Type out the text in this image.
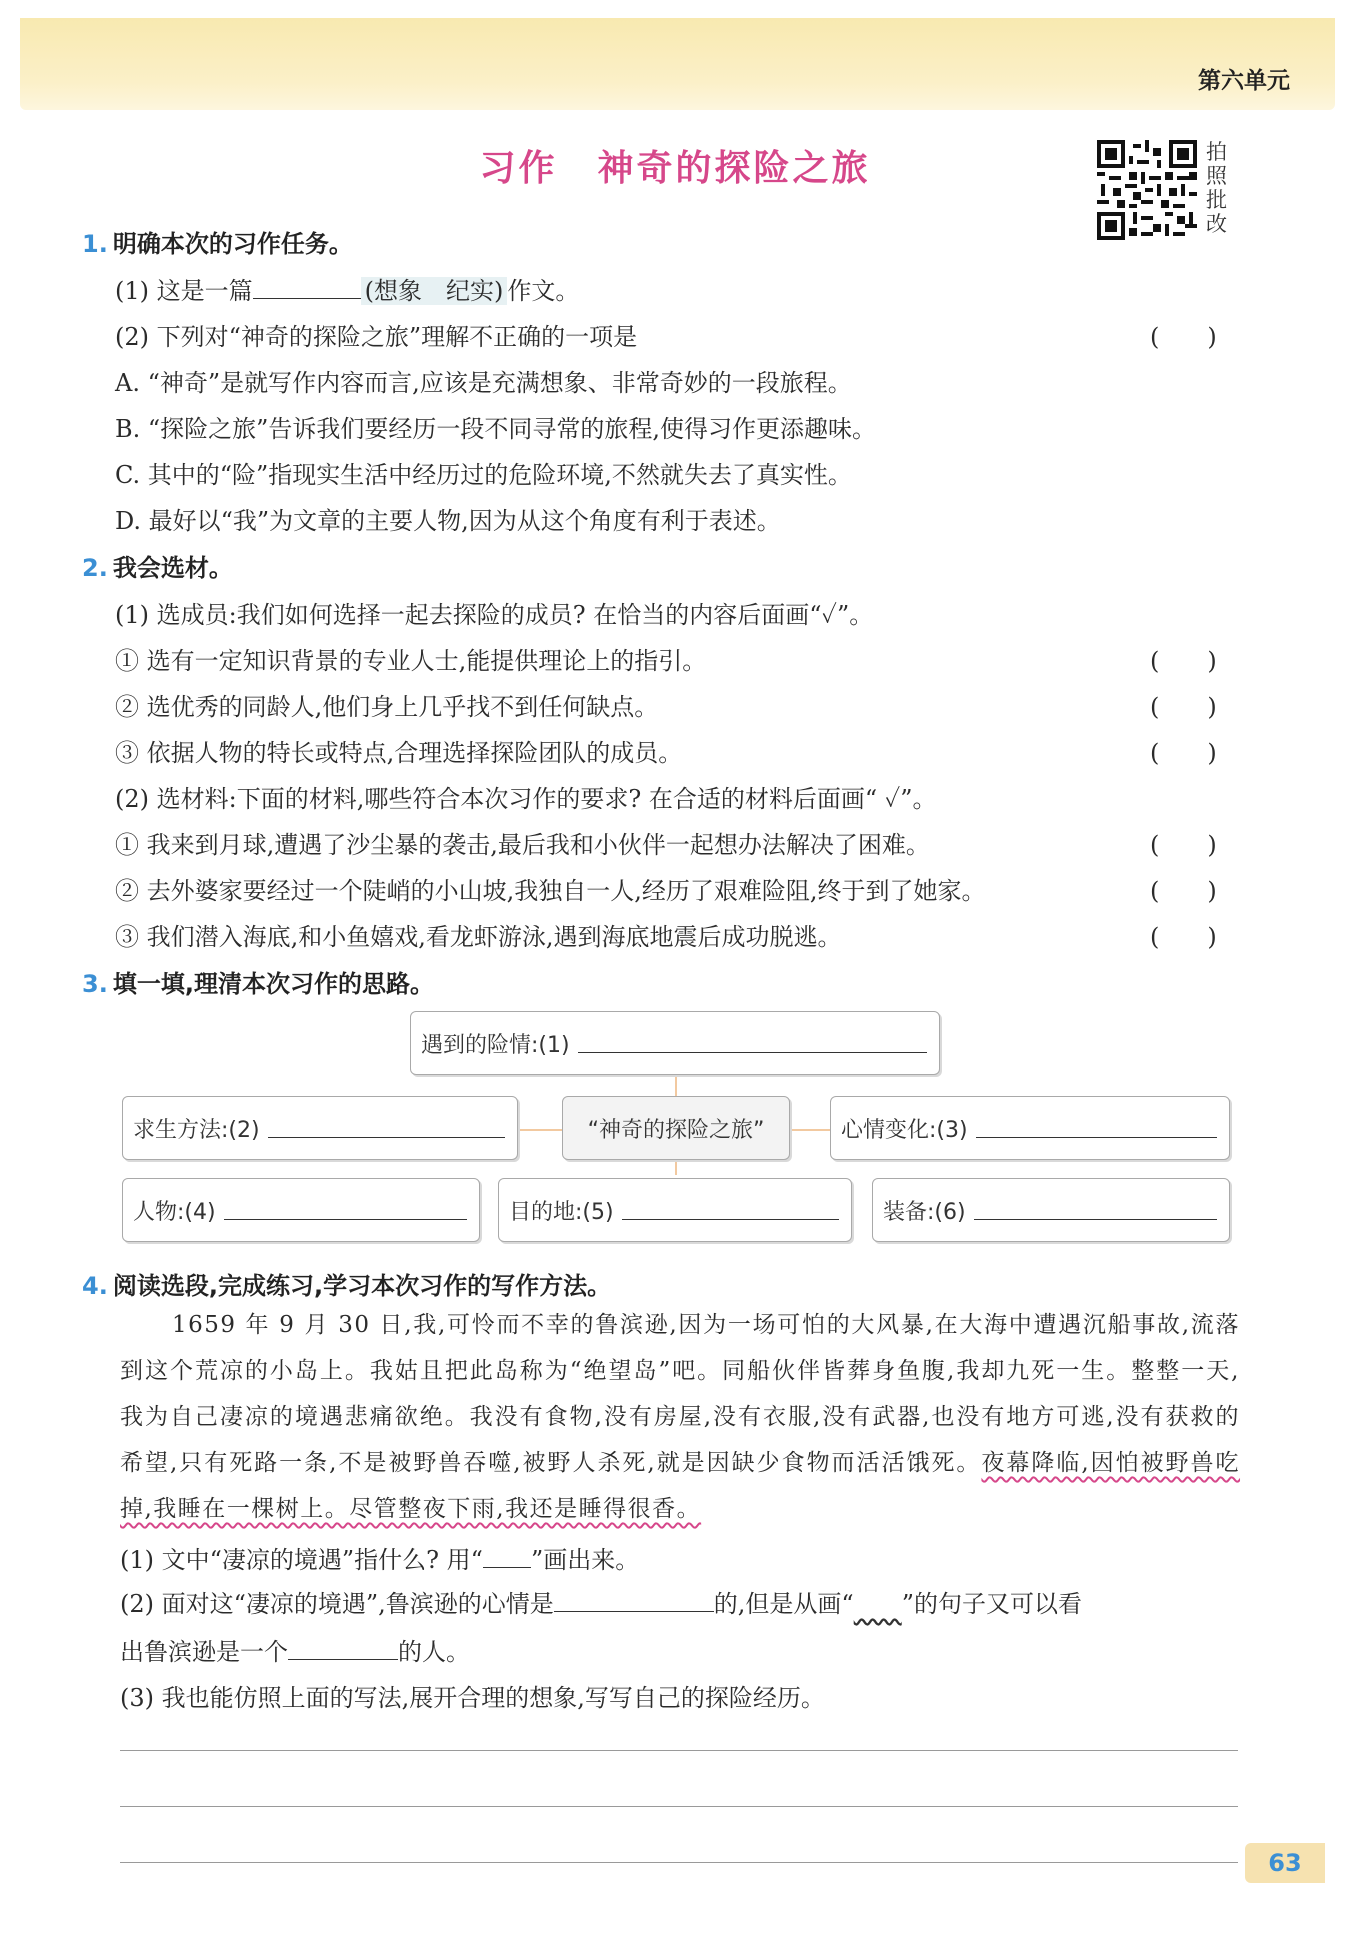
第六单元
习作 神奇的探险之旅	拍
照
批
改
1. 明确本次的习作任务。
(1) 这是一篇	(想象　纪实) 作文。
(2) 下列对“神奇的探险之旅”理解不正确的一项是	(　　)
A. “神奇”是就写作内容而言,应该是充满想象、非常奇妙的一段旅程。
B. “探险之旅”告诉我们要经历一段不同寻常的旅程,使得习作更添趣味。
C. 其中的“险”指现实生活中经历过的危险环境,不然就失去了真实性。
D. 最好以“我”为文章的主要人物,因为从这个角度有利于表述。
2. 我会选材。
(1) 选成员:我们如何选择一起去探险的成员? 在恰当的内容后面画“✓”。
① 选有一定知识背景的专业人士,能提供理论上的指引。	(　　)
② 选优秀的同龄人,他们身上几乎找不到任何缺点。	(　　)
③ 依据人物的特长或特点,合理选择探险团队的成员。	(　　)
(2) 选材料:下面的材料,哪些符合本次习作的要求? 在合适的材料后面画“ ✓”。
① 我来到月球,遭遇了沙尘暴的袭击,最后我和小伙伴一起想办法解决了困难。	(　　)
② 去外婆家要经过一个陡峭的小山坡,我独自一人,经历了艰难险阻,终于到了她家。	(　　)
③ 我们潜入海底,和小鱼嬉戏,看龙虾游泳,遇到海底地震后成功脱逃。	(　　)
3. 填一填,理清本次习作的思路。
遇到的险情:(1)
求生方法:(2)	“神奇的探险之旅”	心情变化:(3)
人物:(4)	目的地:(5)	装备:(6)
4. 阅读选段,完成练习,学习本次习作的写作方法。

1659 年 9 月 30 日,我,可怜而不幸的鲁滨逊,因为一场可怕的大风暴,在大海中遭遇沉船事故,流落到这个荒凉的小岛上。我姑且把此岛称为“绝望岛”吧。同船伙伴皆葬身鱼腹,我却九死一生。整整一天,我为自己凄凉的境遇悲痛欲绝。我没有食物,没有房屋,没有衣服,没有武器,也没有地方可逃,没有获救的希望,只有死路一条,不是被野兽吞噬,被野人杀死,就是因缺少食物而活活饿死。夜幕降临,因怕被野兽吃掉,我睡在一棵树上。尽管整夜下雨,我还是睡得很香。

(1) 文中“凄凉的境遇”指什么? 用“ ”画出来。
(2) 面对这“凄凉的境遇”,鲁滨逊的心情是	的,但是从画“　　 ”的句子又可以看
出鲁滨逊是一个	的人。
(3) 我也能仿照上面的写法,展开合理的想象,写写自己的探险经历。
63
